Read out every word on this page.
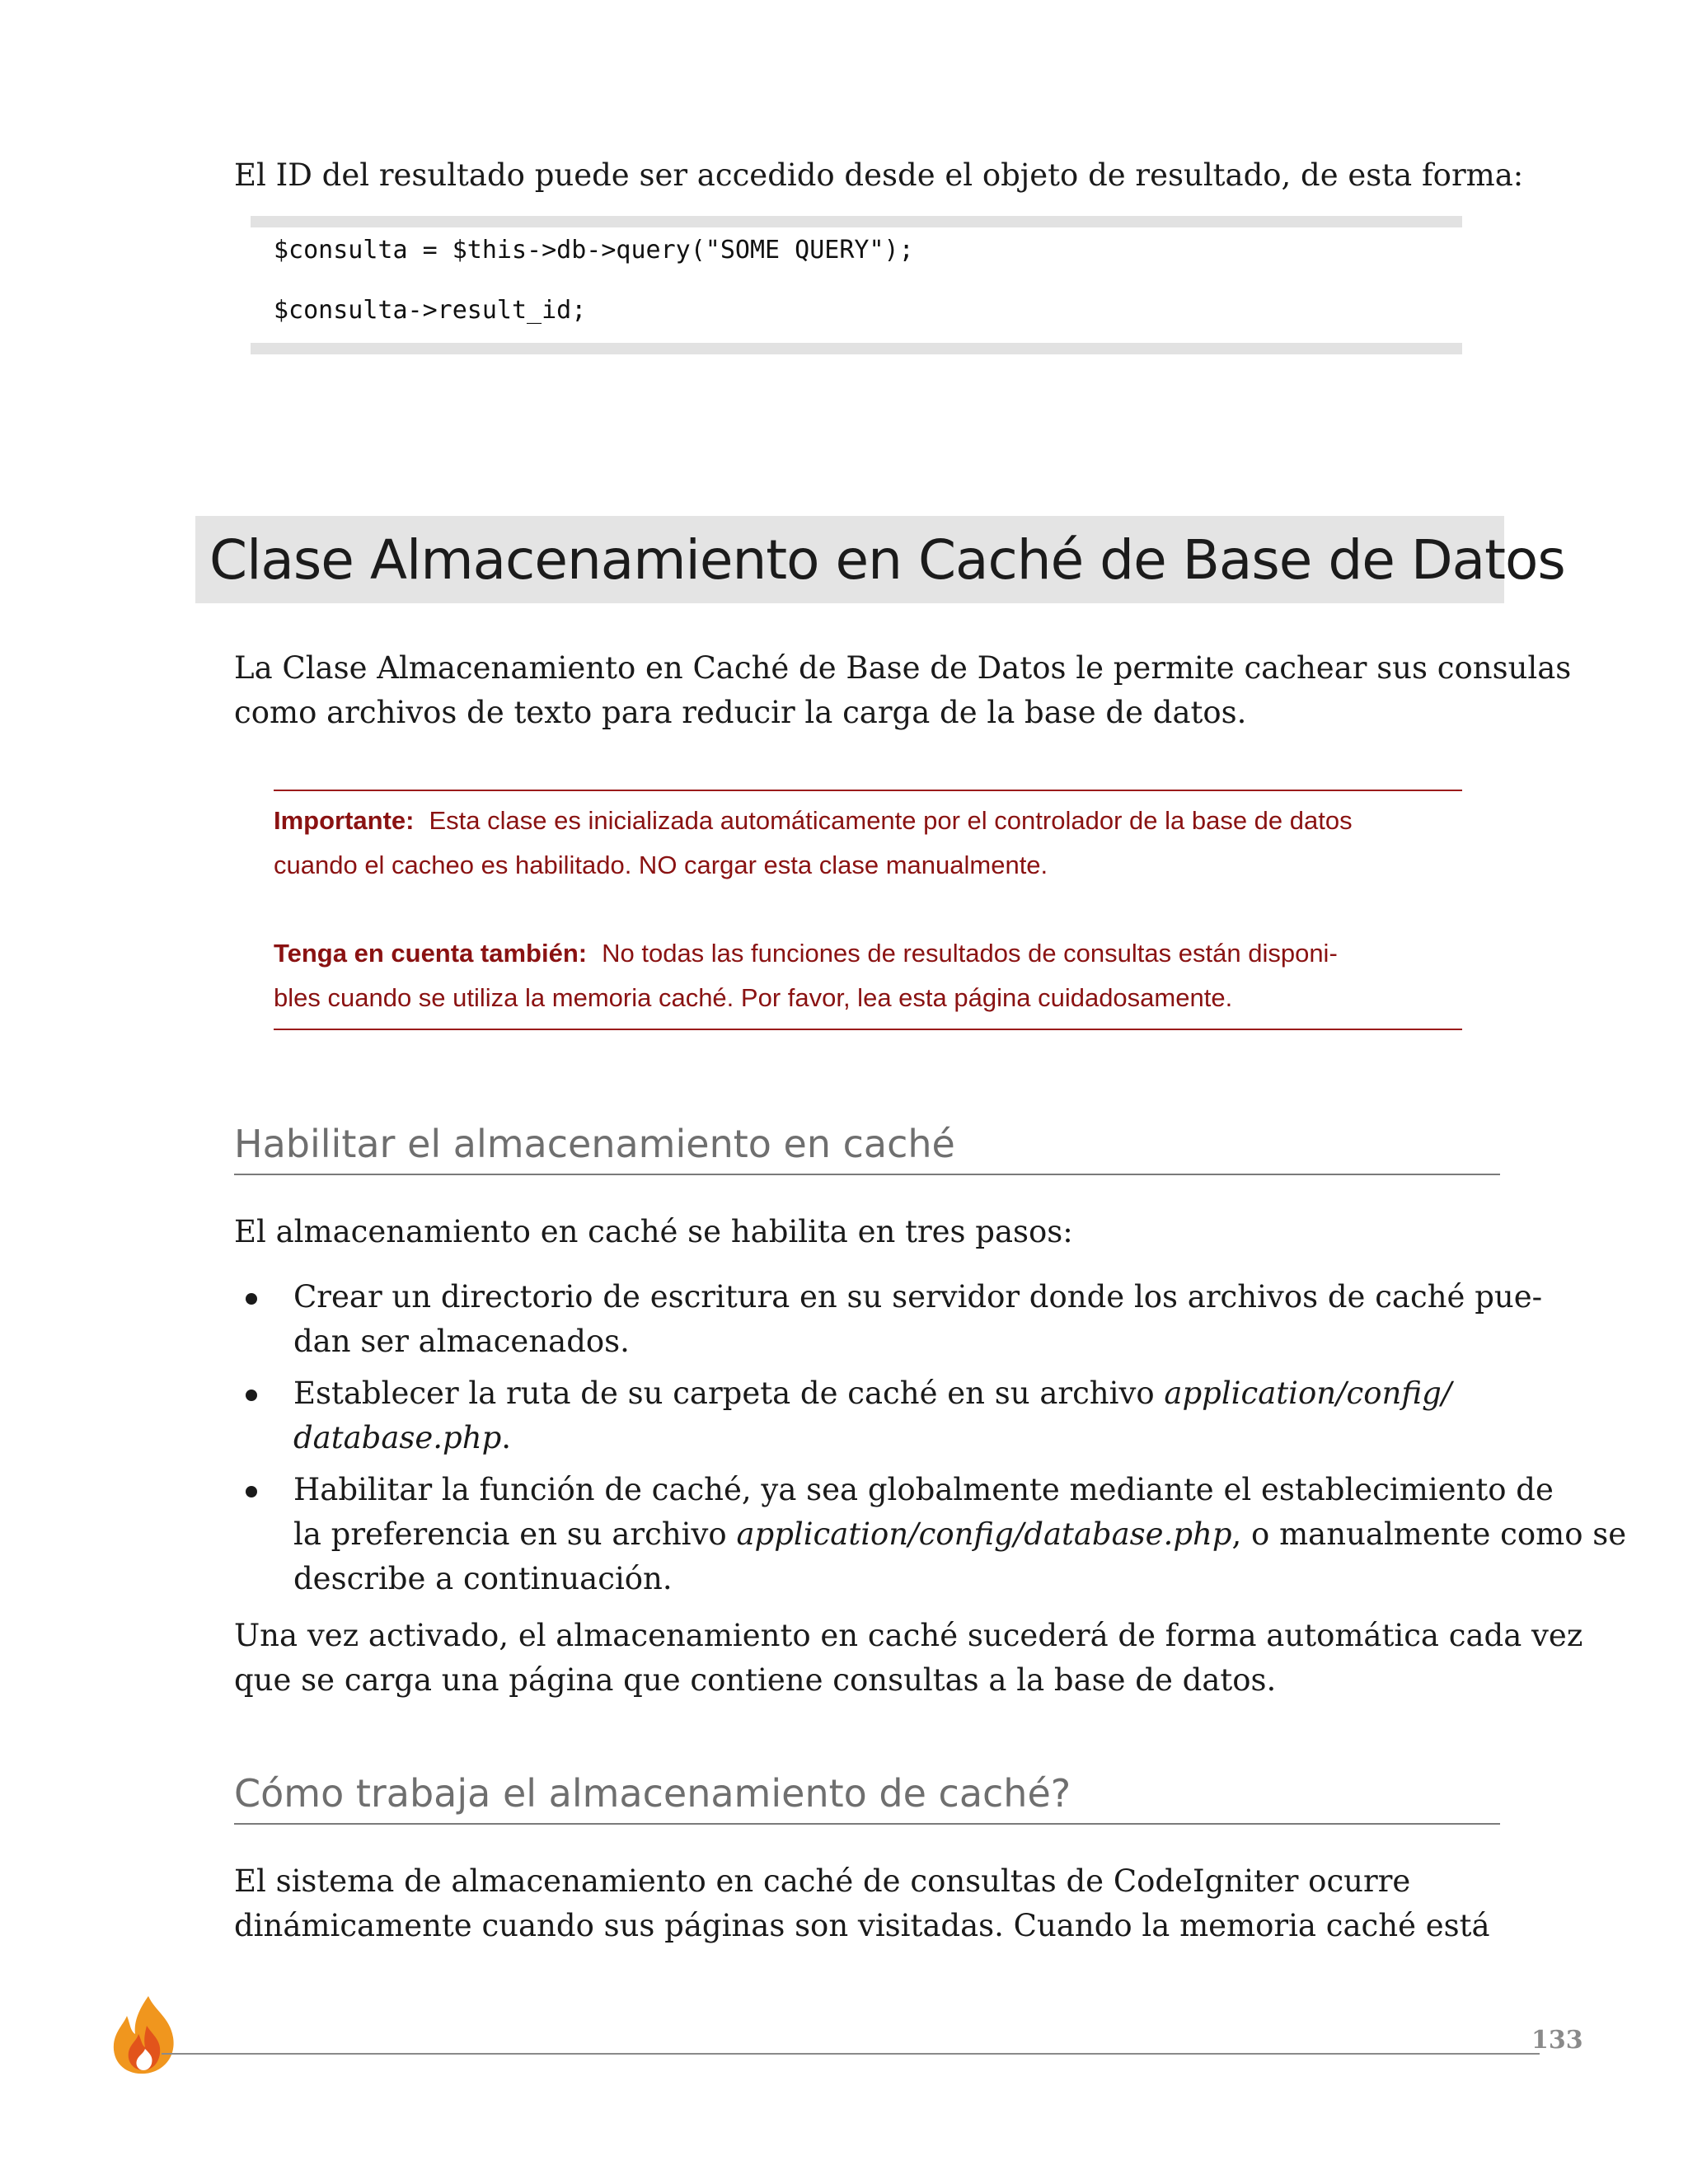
El ID del resultado puede ser accedido desde el objeto de resultado, de esta forma:

$consulta = $this->db->query("SOME QUERY");
$consulta->result_id;
Clase Almacenamiento en Caché de Base de Datos

La Clase Almacenamiento en Caché de Base de Datos le permite cachear sus consulas

como archivos de texto para reducir la carga de la base de datos.

Importante: Esta clase es inicializada automáticamente por el controlador de la base de datos
cuando el cacheo es habilitado. NO cargar esta clase manualmente.
Tenga en cuenta también: No todas las funciones de resultados de consultas están disponi-
bles cuando se utiliza la memoria caché. Por favor, lea esta página cuidadosamente.
Habilitar el almacenamiento en caché

El almacenamiento en caché se habilita en tres pasos:

Crear un directorio de escritura en su servidor donde los archivos de caché pue-

dan ser almacenados.

Establecer la ruta de su carpeta de caché en su archivo application/config/

database.php.

Habilitar la función de caché, ya sea globalmente mediante el establecimiento de

la preferencia en su archivo application/config/database.php, o manualmente como se

describe a continuación.

Una vez activado, el almacenamiento en caché sucederá de forma automática cada vez

que se carga una página que contiene consultas a la base de datos.

Cómo trabaja el almacenamiento de caché?

El sistema de almacenamiento en caché de consultas de CodeIgniter ocurre

dinámicamente cuando sus páginas son visitadas. Cuando la memoria caché está

133
